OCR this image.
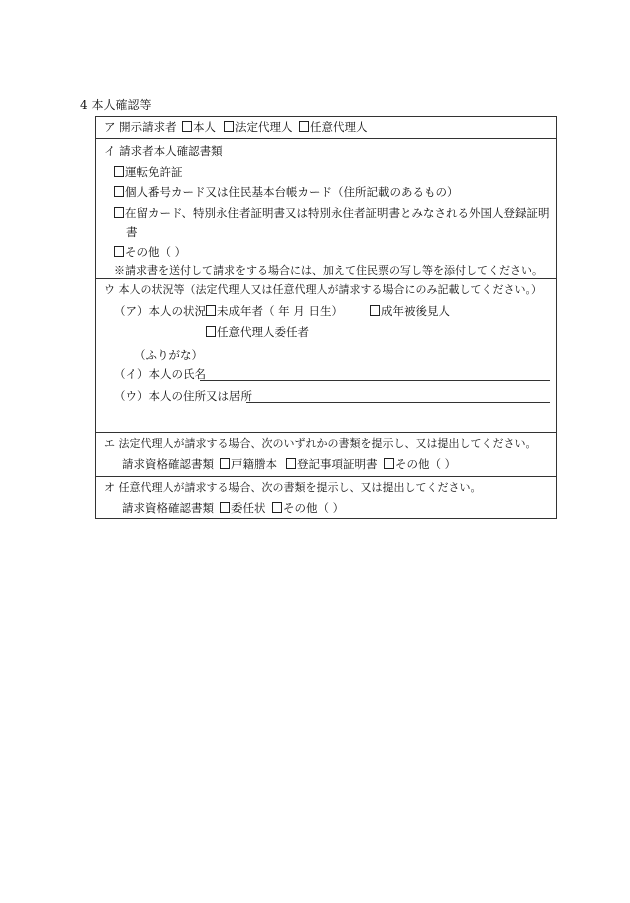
4 本人確認等
ア 開示請求者	本人	法定代理人	任意代理人
イ 請求者本人確認書類
運転免許証
個人番号カード又は住民基本台帳カード（住所記載のあるもの）
在留カード、特別永住者証明書又は特別永住者証明書とみなされる外国人登録証明
書
その他（ ）
※請求書を送付して請求をする場合には、加えて住民票の写し等を添付してください。
ウ 本人の状況等（法定代理人又は任意代理人が請求する場合にのみ記載してください。）
（ア）本人の状況 未成年者（ 年 月 日生）	成年被後見人
任意代理人委任者
（ふりがな）
（イ）本人の氏名
（ウ）本人の住所又は居所
エ 法定代理人が請求する場合、次のいずれかの書類を提示し、又は提出してください。
請求資格確認書類	戸籍謄本	登記事項証明書	その他（ ）
オ 任意代理人が請求する場合、次の書類を提示し、又は提出してください。
請求資格確認書類	委任状	その他（ ）
